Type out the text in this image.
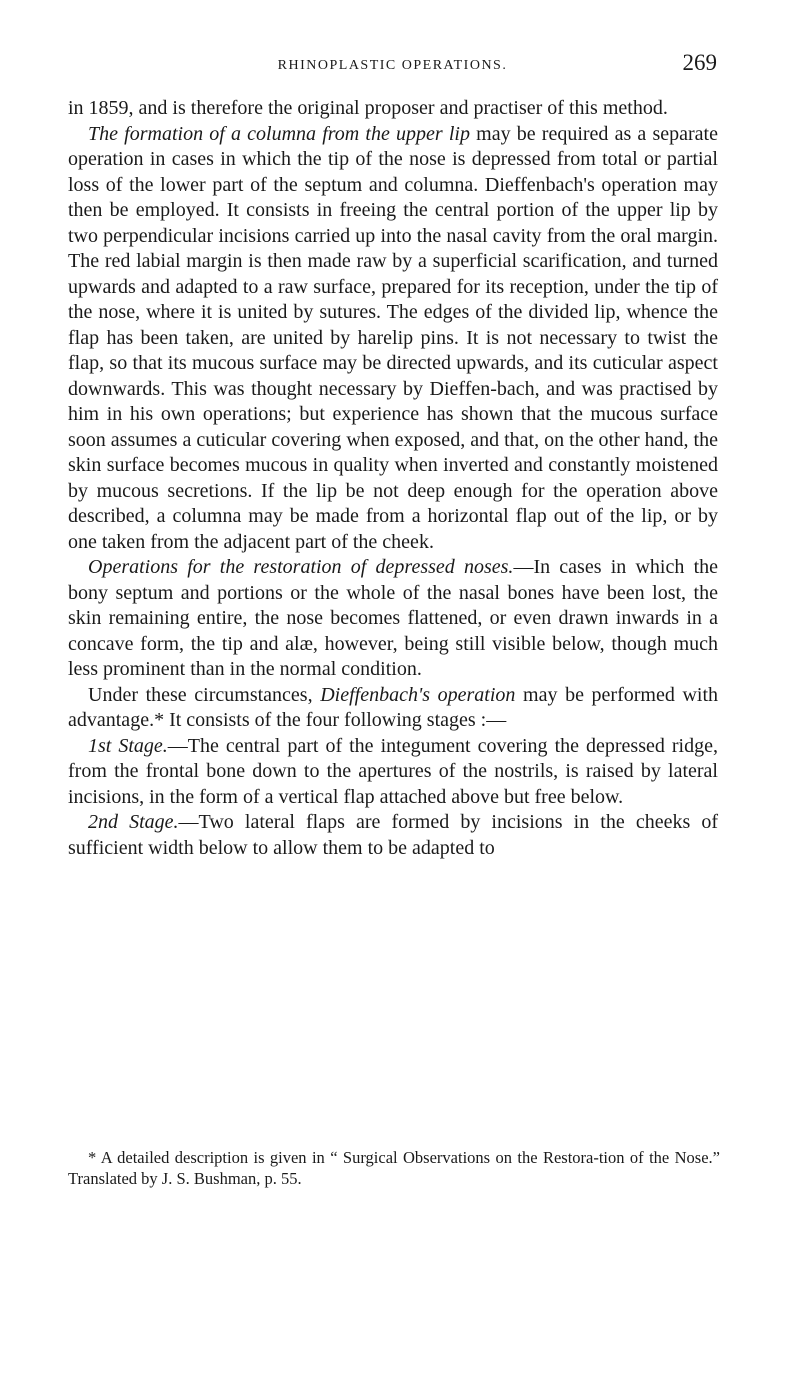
RHINOPLASTIC OPERATIONS.	269

in 1859, and is therefore the original proposer and practiser of this method.

The formation of a columna from the upper lip may be required as a separate operation in cases in which the tip of the nose is depressed from total or partial loss of the lower part of the septum and columna. Dieffenbach's operation may then be employed. It consists in freeing the central portion of the upper lip by two perpendicular incisions carried up into the nasal cavity from the oral margin. The red labial margin is then made raw by a superficial scarification, and turned upwards and adapted to a raw surface, prepared for its reception, under the tip of the nose, where it is united by sutures. The edges of the divided lip, whence the flap has been taken, are united by harelip pins. It is not necessary to twist the flap, so that its mucous surface may be directed upwards, and its cuticular aspect downwards. This was thought necessary by Dieffen-bach, and was practised by him in his own operations; but experience has shown that the mucous surface soon assumes a cuticular covering when exposed, and that, on the other hand, the skin surface becomes mucous in quality when inverted and constantly moistened by mucous secretions. If the lip be not deep enough for the operation above described, a columna may be made from a horizontal flap out of the lip, or by one taken from the adjacent part of the cheek.

Operations for the restoration of depressed noses.—In cases in which the bony septum and portions or the whole of the nasal bones have been lost, the skin remaining entire, the nose becomes flattened, or even drawn inwards in a concave form, the tip and alæ, however, being still visible below, though much less prominent than in the normal condition.

Under these circumstances, Dieffenbach's operation may be performed with advantage.* It consists of the four following stages :—

1st Stage.—The central part of the integument covering the depressed ridge, from the frontal bone down to the apertures of the nostrils, is raised by lateral incisions, in the form of a vertical flap attached above but free below.

2nd Stage.—Two lateral flaps are formed by incisions in the cheeks of sufficient width below to allow them to be adapted to

* A detailed description is given in “ Surgical Observations on the Restora-tion of the Nose.” Translated by J. S. Bushman, p. 55.
